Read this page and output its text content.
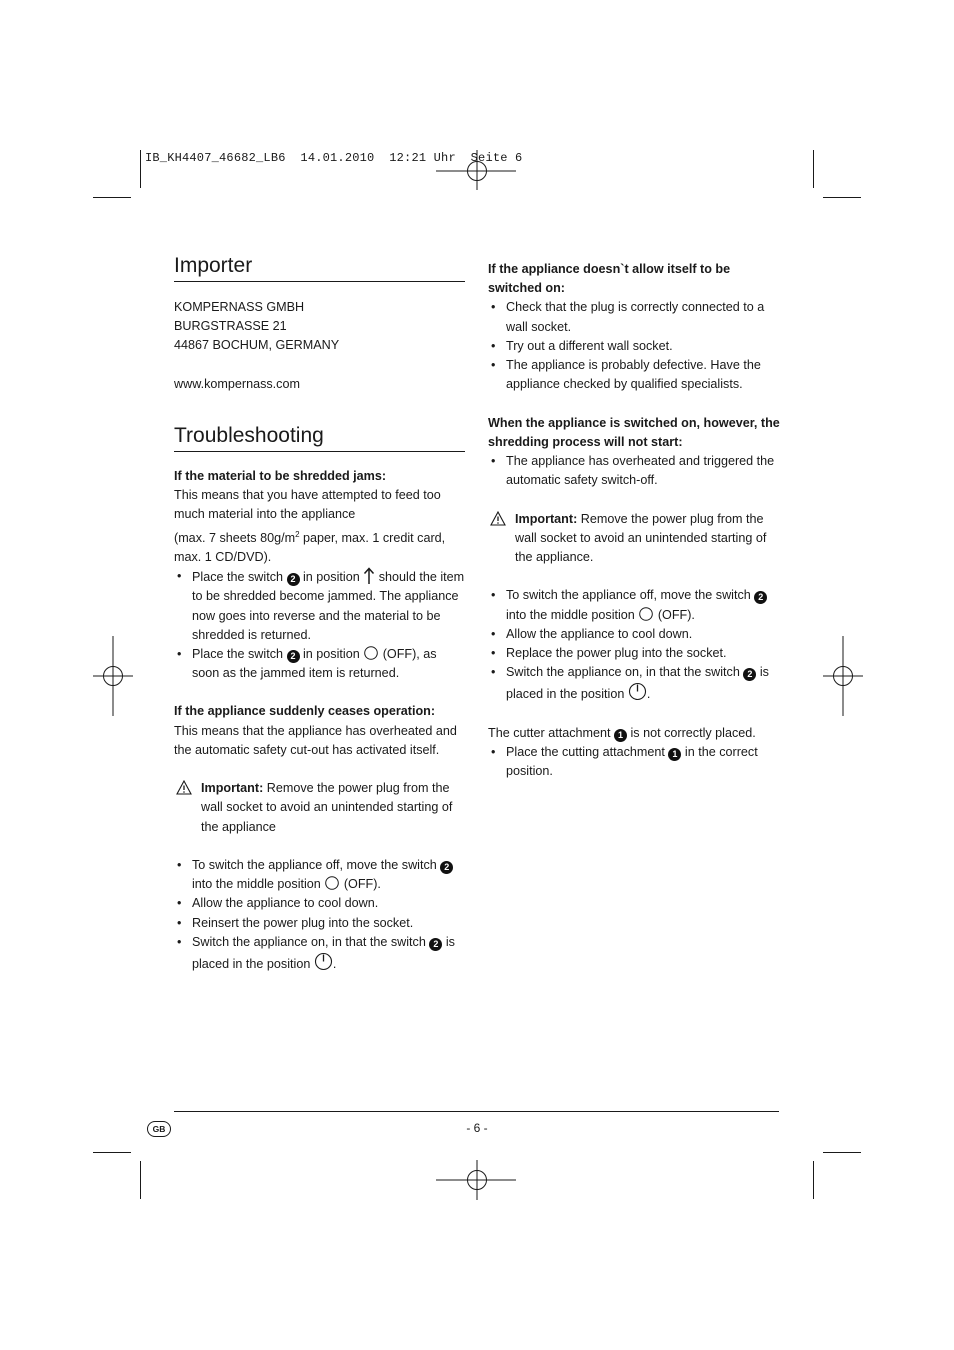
IB_KH4407_46682_LB6  14.01.2010  12:21 Uhr  Seite 6
Importer

KOMPERNASS GMBH

BURGSTRASSE 21

44867 BOCHUM, GERMANY

www.kompernass.com

Troubleshooting

If the material to be shredded jams:

This means that you have attempted to feed too much material into the appliance

(max. 7 sheets $80g/m^2$ paper, max. 1 credit card, max. 1 CD/DVD).

• Place the switch 2 in position  should the item to be shredded become jammed. The appliance now goes into reverse and the material to be shredded is returned.
• Place the switch 2 in position  (OFF), as soon as the jammed item is returned.

If the appliance suddenly ceases operation:

This means that the appliance has overheated and the automatic safety cut-out has activated itself.

Important: Remove the power plug from the wall socket to avoid an unintended starting of the appliance

• To switch the appliance off, move the switch 2 into the middle position  (OFF).
• Allow the appliance to cool down.
• Reinsert the power plug into the socket.
• Switch the appliance on, in that the switch 2 is placed in the position .

If the appliance doesn`t allow itself to be switched on:

• Check that the plug is correctly connected to a wall socket.
• Try out a different wall socket.
• The appliance is probably defective. Have the appliance checked by qualified specialists.

When the appliance is switched on, however, the shredding process will not start:

• The appliance has overheated and triggered the automatic safety switch-off.

Important: Remove the power plug from the wall socket to avoid an unintended starting of the appliance.

• To switch the appliance off, move the switch 2 into the middle position  (OFF).
• Allow the appliance to cool down.
• Replace the power plug into the socket.
• Switch the appliance on, in that the switch 2 is placed in the position .

The cutter attachment 1 is not correctly placed.

• Place the cutting attachment 1 in the correct position.
GB	- 6 -
